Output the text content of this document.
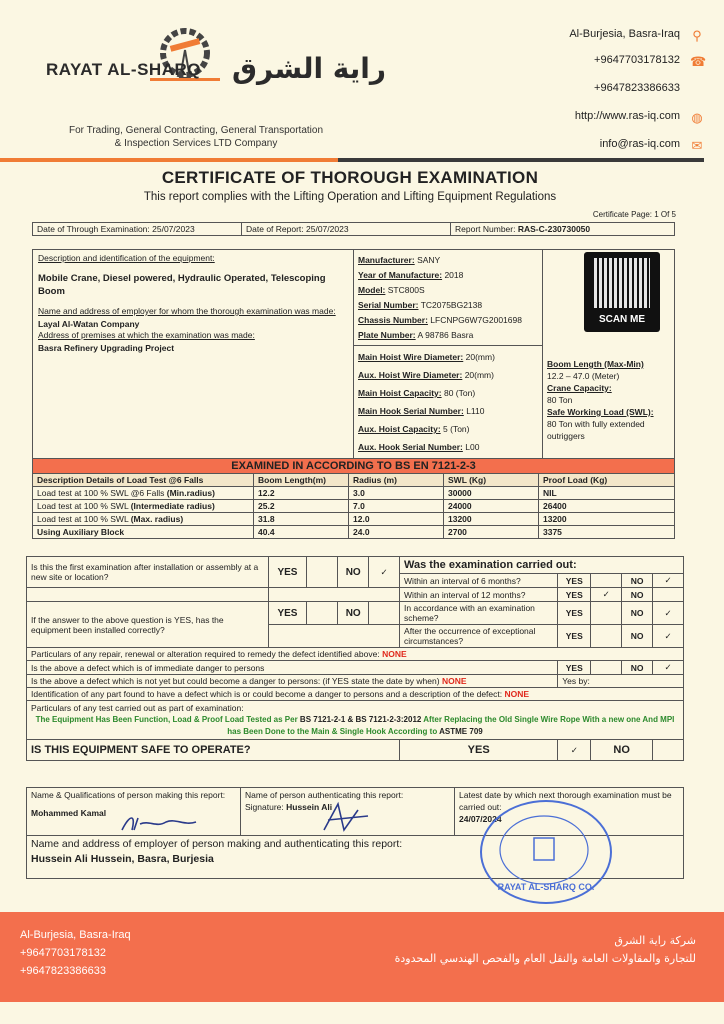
RAYAT AL-SHARQ راية الشرق
For Trading, General Contracting, General Transportation
& Inspection Services LTD Company
Al-Burjesia, Basra-Iraq ⚲
+9647703178132 ☎
+9647823386633
http://www.ras-iq.com ◍
info@ras-iq.com ✉
CERTIFICATE OF THOROUGH EXAMINATION
This report complies with the Lifting Operation and Lifting Equipment Regulations
Certificate Page: 1 Of 5
Date of Through Examination: 25/07/2023	Date of Report: 25/07/2023	Report Number: RAS-C-230730050
Description and identification of the equipment:
Mobile Crane, Diesel powered, Hydraulic Operated, Telescoping Boom
Name and address of employer for whom the thorough examination was made:
Layal Al-Watan Company
Address of premises at which the examination was made:
Basra Refinery Upgrading Project

Manufacturer: SANY
Year of Manufacture: 2018
Model: STC800S
Serial Number: TC2075BG2138
Chassis Number: LFCNPG6W7G2001698
Plate Number: A 98786 Basra
Main Hoist Wire Diameter: 20(mm)
Aux. Hoist Wire Diameter: 20(mm)
Main Hoist Capacity: 80 (Ton)
Main Hook Serial Number: L110
Aux. Hoist Capacity: 5 (Ton)
Aux. Hook Serial Number: L00

Boom Length (Max-Min)
12.2 – 47.0 (Meter)
Crane Capacity:
80 Ton
Safe Working Load (SWL):
80 Ton with fully extended outriggers
SCAN ME
EXAMINED IN ACCORDING TO BS EN 7121-2-3				
Description Details of Load Test @6 Falls	Boom Length(m)	Radius (m)	SWL (Kg)	Proof Load (Kg)
Load test at 100 % SWL @6 Falls (Min.radius)	12.2	3.0	30000	NIL
Load test at 100 % SWL (Intermediate radius)	25.2	7.0	24000	26400
Load test at 100 % SWL (Max. radius)	31.8	12.0	13200	13200
Using Auxiliary Block	40.4	24.0	2700	3375
Is this the first examination after installation or assembly at a new site or location?	YES		NO	✓	Was the examination carried out:				
					Within an interval of 6 months?	YES		NO	✓
					Within an interval of 12 months?	YES	✓	NO	
If the answer to the above question is YES, has the equipment been installed correctly?	YES		NO		In accordance with an examination scheme?	YES		NO	✓
					After the occurrence of exceptional circumstances?	YES		NO	✓
Particulars of any repair, renewal or alteration required to remedy the defect identified above: NONE									
Is the above a defect which is of immediate danger to persons						YES		NO	✓
Is the above a defect which is not yet but could become a danger to persons: (if YES state the date by when) NONE						Yes by:			
Identification of any part found to have a defect which is or could become a danger to persons and a description of the defect: NONE									

Particulars of any test carried out as part of examination:
The Equipment Has Been Function, Load & Proof Load Tested as Per BS 7121-2-1 & BS 7121-2-3:2012 After Replacing the Old Single Wire Rope With a new one And MPI has Been Done to the Main & Single Hook According to ASTME 709									

IS THIS EQUIPMENT SAFE TO OPERATE?					YES	✓	NO		
Name & Qualifications of person making this report:
Mohammed Kamal

Name of person authenticating this report:
Signature: Hussein Ali

Latest date by which next thorough examination must be carried out:
24/07/2024

Name and address of employer of person making and authenticating this report:
Hussein Ali Hussein, Basra, Burjesia
RAYAT AL-SHARQ CO.
Al-Burjesia, Basra-Iraq
+9647703178132
+9647823386633
شركة راية الشرق
للتجارة والمقاولات العامة والنقل العام والفحص الهندسي المحدودة
